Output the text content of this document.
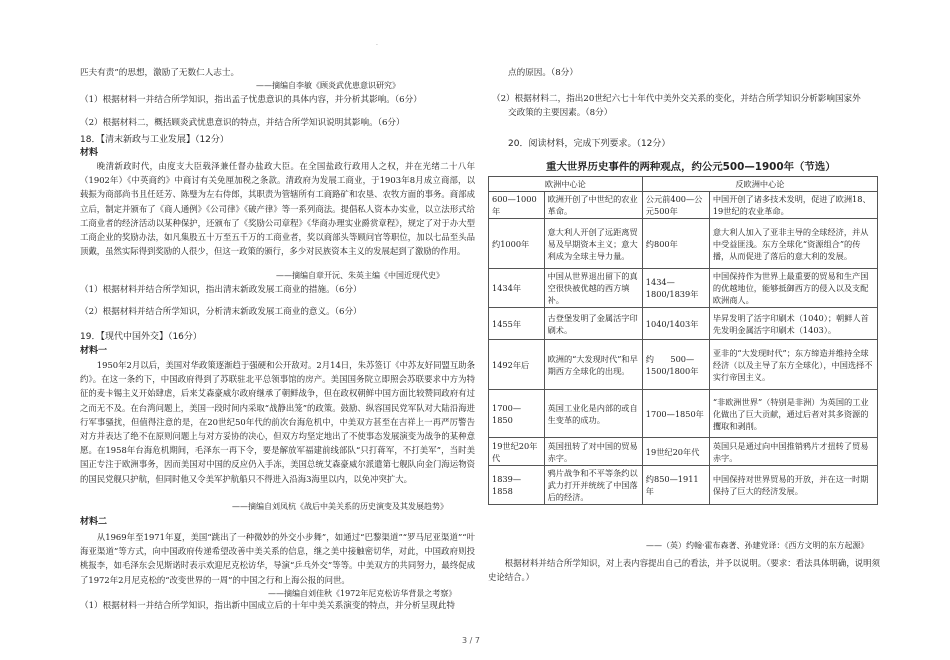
匹夫有责”的思想，激励了无数仁人志士。
——摘编自李敏《顾炎武优患意识研究》
（1）根据材料一并结合所学知识，指出孟子忧患意识的具体内容，并分析其影响。（6分）
（2）根据材料二，概括顾炎武忧患意识的特点，并结合所学知识说明其影响。（6分）
18．【清末新政与工业发展】（12分）
材料
晚清新政时代，由度支大臣载泽兼任督办盐政大臣。在全国盐政行政用人之权，并在光绪二十八年（1902年）《中英商约》中商讨有关免厘加税之条款。清政府为发展工商业，于1903年8月成立商部，以载振为商部尚书且任廷芳、陈璧为左右侍郎，其职责为管辖所有工商路矿和农垦、农牧方面的事务。商部成立后，制定并颁布了《商人通例》《公司律》《破产律》等一系列商法。提倡私人资本办实业，以立法形式给工商业者的经济活动以某种保护，还颁布了《奖励公司章程》《华商办理实业爵赏章程》，规定了对于办大型工商企业的奖励办法，如凡集股五十万至五千万的工商业者，奖以商部头等顾问官等职位，加以七品至头品顶戴，虽然实际得到奖励的人很少，但这一政策的颁行，多少对民族资本主义的发展起到了激励的作用。
——摘编自章开沅、朱英主编《中国近现代史》
（1）根据材料并结合所学知识，指出清末新政发展工商业的措施。（6分）
（2）根据材料并结合所学知识，分析清末新政发展工商业的意义。（6分）
19．【现代中国外交】（16分）
材料一
1950年2月以后，美国对华政策逐渐趋于强硬和公开敌对。2月14日，朱苏签订《中苏友好同盟互助条约》。在这一条约下，中国政府得到了苏联驻北平总领事馆的房产。美国国务院立即照会苏联要求中方为特征的麦卡锡主义开始肆虐，后来艾森豪威尔政府继承了朝鲜战争，但在政权朝鲜中国方面比较赞同政府有过之而无不及。在台湾问题上，美国一段时间内采取“战静出笼”的政策。鼓励、纵容国民党军队对大陆沿海进行军事骚扰，但值得注意的是，在20世纪50年代的前次台海危机中，中美双方甚至在吉祥上一再严厉警告对方并表达了绝不在原则问题上与对方妥协的决心，但双方均坚定地出了不使事态发展演变为战争的某种意愿。在1958年台海危机期间，毛泽东一再下令，要是解放军福建前线部队“只打蒋军，不打美军”，当时美国正专注于欧洲事务，因而美国对中国的反应仍入手冻，美国总统艾森豪威尔派遣第七舰队向金门海运物资的国民党舰只护航，但同时他又令美军护航船只不得进入沿海3海里以内，以免冲突扩大。
——摘编自刘凤杭《战后中美关系的历史演变及其发展趋势》
材料二
从1969年至1971年夏，美国“跳出了一种微妙的外交小步舞”，如通过“巴黎渠道”“罗马尼亚渠道”“叶海亚渠道”等方式，向中国政府传递希望改善中美关系的信息，继之美中接触密切华，对此，中国政府则投桃报李，如毛泽东会见斯诺时表示欢迎尼克松访华，导演“乒乓外交”等等。中美双方的共同努力，最终促成了1972年2月尼克松的“改变世界的一周”的中国之行和上海公报的问世。
——摘编自刘佳秋《1972年尼克松访华背景之考察》
（1）根据材料一并结合所学知识，指出新中国成立后的十年中美关系演变的特点，并分析呈现此特
.
点的原因。（8分）
（2）根据材料二，指出20世纪六七十年代中美外交关系的变化，并结合所学知识分析影响国家外
交政策的主要因素。（8分）
20．阅读材料，完成下列要求。（12分）
重大世界历史事件的两种观点，约公元500—1900年（节选）
欧洲中心论		反欧洲中心论	
600—1000年	欧洲开创了中世纪的农业革命。	公元前400—公元500年	中国开创了诸多技术发明，促进了欧洲18、19世纪的农业革命。
约1000年	意大利人开创了远距离贸易及早期资本主义；意大利成为全球主导力量。	约800年	意大利人加入了亚非主导的全球经济，并从中受益匪浅。东方全球化“资源组合”的传播，从而促进了落后的意大利的发展。
1434年	中国从世界退出留下的真空很快被优越的西方填补。	1434—1800/1839年	中国保持作为世界上最重要的贸易和生产国的优越地位，能够抵御西方的侵入以及支配欧洲商人。
1455年	古登堡发明了金属活字印刷术。	1040/1403年	毕昇发明了活字印刷术（1040）；朝鲜人首先发明金属活字印刷术（1403）。
1492年后	欧洲的“大发现时代”和早期西方全球化的出现。	约　　500—1500/1800年	亚非的“大发现时代”；东方缔造并维持全球经济（以及主导了东方全球化），中国选择不实行帝国主义。
1700—1850	英国工业化是内部的或自生变革的成功。	1700—1850年	“非欧洲世界”（特别是非洲）为英国的工业化做出了巨大贡献，通过后者对其多资源的攫取和剥削。
19世纪20年代	英国扭转了对中国的贸易赤字。	19世纪20年代	英国只是通过向中国推销鸦片才扭转了贸易赤字。
1839—1858	鸦片战争和不平等条约以武力打开并统统了中国落后的经济。	约850—1911年	中国保持对世界贸易的开放，并在这一时期保持了巨大的经济发展。
——（英）约翰·霍布森著、孙建党译：《西方文明的东方起源》
根据材料并结合所学知识，对上表内容提出自己的看法，并予以说明。（要求：看法具体明确，说明须史论结合。）
3 / 7
